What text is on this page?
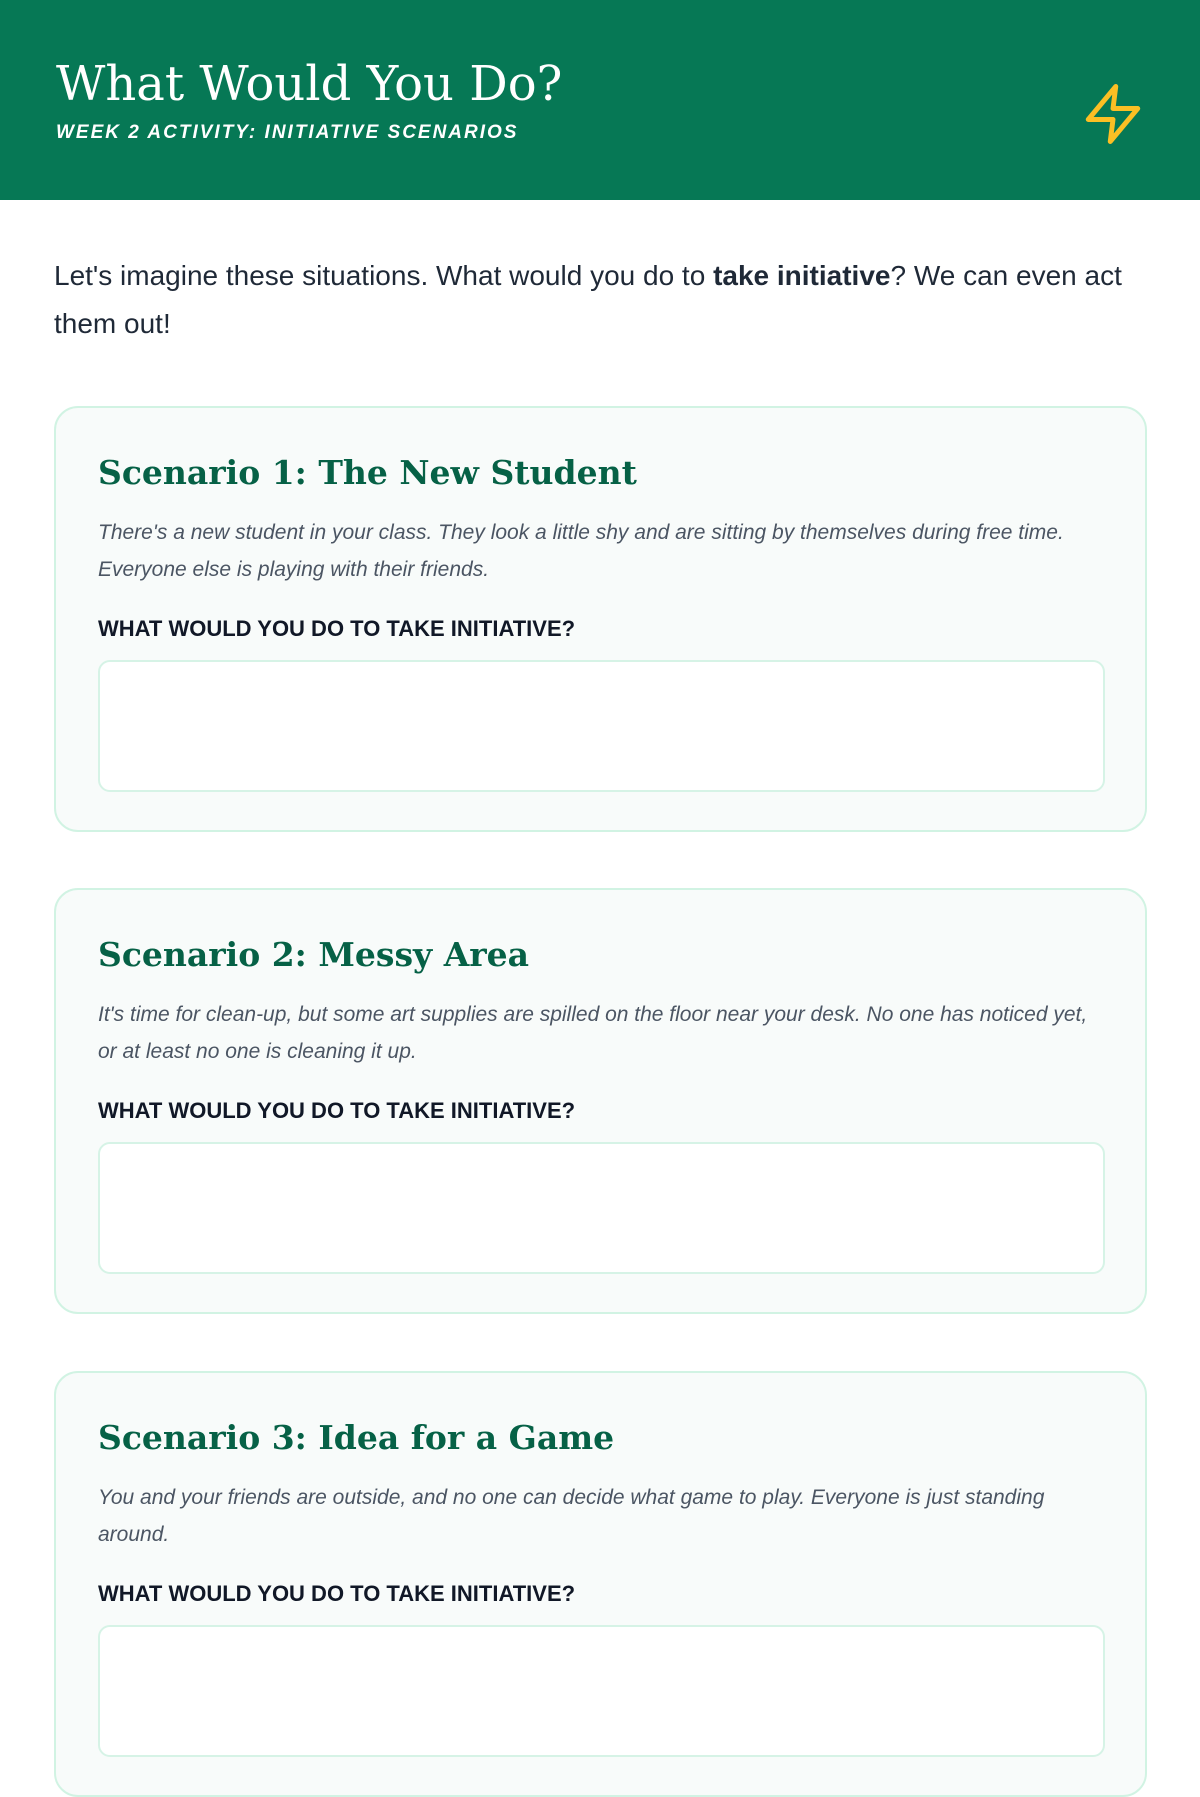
What Would You Do?
WEEK 2 ACTIVITY: INITIATIVE SCENARIOS

Let's imagine these situations. What would you do to take initiative? We can even act them out!

Scenario 1: The New Student

There's a new student in your class. They look a little shy and are sitting by themselves during free time. Everyone else is playing with their friends.

WHAT WOULD YOU DO TO TAKE INITIATIVE?
Scenario 2: Messy Area

It's time for clean-up, but some art supplies are spilled on the floor near your desk. No one has noticed yet, or at least no one is cleaning it up.

WHAT WOULD YOU DO TO TAKE INITIATIVE?
Scenario 3: Idea for a Game

You and your friends are outside, and no one can decide what game to play. Everyone is just standing around.

WHAT WOULD YOU DO TO TAKE INITIATIVE?
